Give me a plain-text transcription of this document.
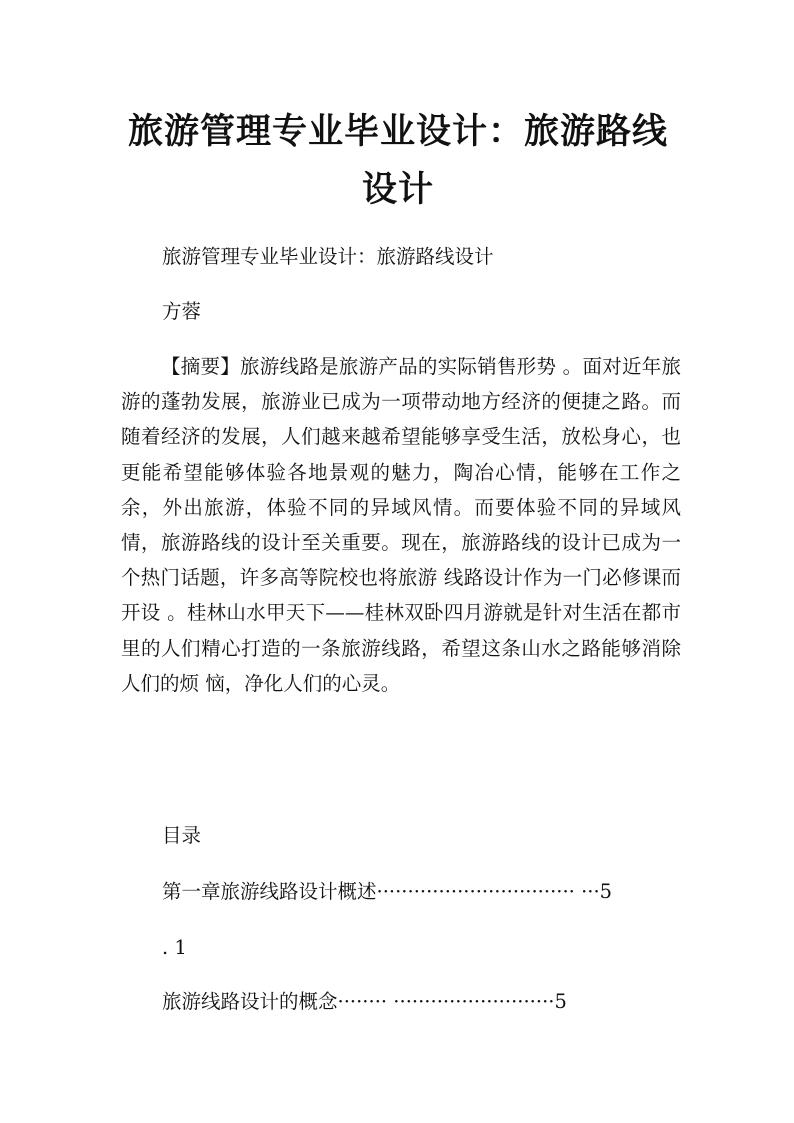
旅游管理专业毕业设计：旅游路线设计

旅游管理专业毕业设计：旅游路线设计

方蓉

【摘要】旅游线路是旅游产品的实际销售形势 。面对近年旅游的蓬勃发展，旅游业已成为一项带动地方经济的便捷之路。而随着经济的发展，人们越来越希望能够享受生活，放松身心，也更能希望能够体验各地景观的魅力，陶冶心情，能够在工作之余，外出旅游，体验不同的异域风情。而要体验不同的异域风情，旅游路线的设计至关重要。现在，旅游路线的设计已成为一个热门话题，许多高等院校也将旅游 线路设计作为一门必修课而开设 。桂林山水甲天下——桂林双卧四月游就是针对生活在都市里的人们精心打造的一条旅游线路，希望这条山水之路能够消除人们的烦 恼，净化人们的心灵。

目录

第一章旅游线路设计概述································ ···5
. 1
旅游线路设计的概念········ ··························5
